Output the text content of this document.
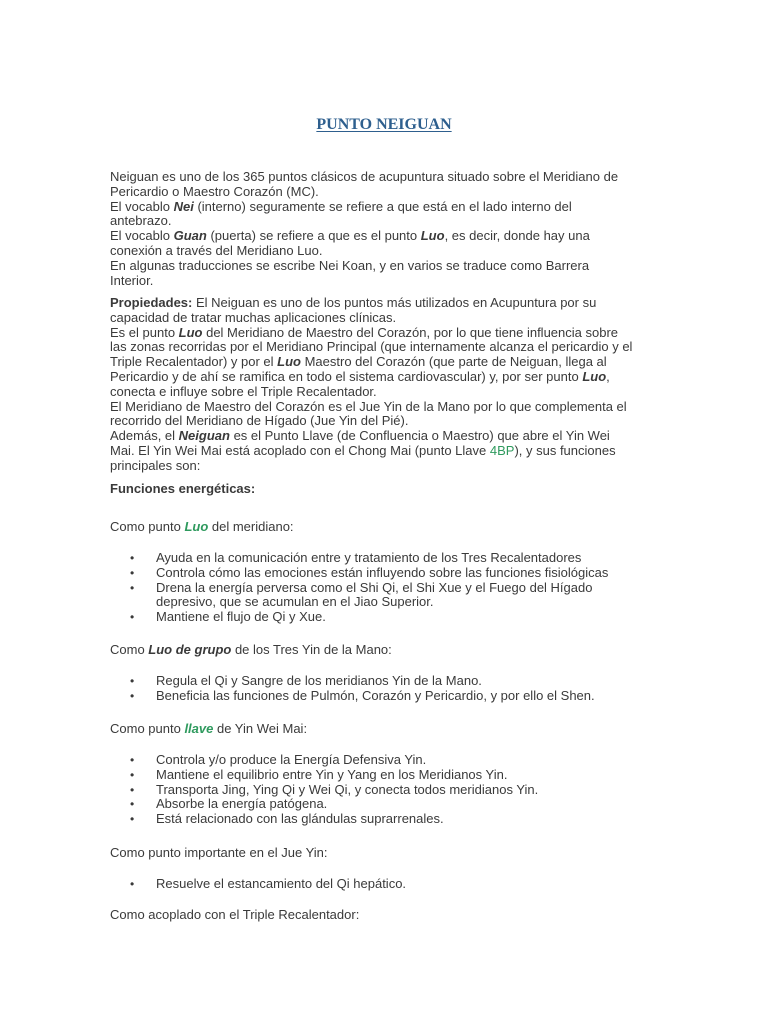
PUNTO NEIGUAN
Neiguan es uno de los 365 puntos clásicos de acupuntura situado sobre el Meridiano de
Pericardio o Maestro Corazón (MC).
El vocablo Nei (interno) seguramente se refiere a que está en el lado interno del
antebrazo.
El vocablo Guan (puerta) se refiere a que es el punto Luo, es decir, donde hay una
conexión a través del Meridiano Luo.
En algunas traducciones se escribe Nei Koan, y en varios se traduce como Barrera
Interior.
Propiedades: El Neiguan es uno de los puntos más utilizados en Acupuntura por su
capacidad de tratar muchas aplicaciones clínicas.
Es el punto Luo del Meridiano de Maestro del Corazón, por lo que tiene influencia sobre
las zonas recorridas por el Meridiano Principal (que internamente alcanza el pericardio y el
Triple Recalentador) y por el Luo Maestro del Corazón (que parte de Neiguan, llega al
Pericardio y de ahí se ramifica en todo el sistema cardiovascular) y, por ser punto Luo,
conecta e influye sobre el Triple Recalentador.
El Meridiano de Maestro del Corazón es el Jue Yin de la Mano por lo que complementa el
recorrido del Meridiano de Hígado (Jue Yin del Pié).
Además, el Neiguan es el Punto Llave (de Confluencia o Maestro) que abre el Yin Wei
Mai. El Yin Wei Mai está acoplado con el Chong Mai (punto Llave 4BP), y sus funciones
principales son:
Funciones energéticas:
Como punto Luo del meridiano:
• Ayuda en la comunicación entre y tratamiento de los Tres Recalentadores
• Controla cómo las emociones están influyendo sobre las funciones fisiológicas
• Drena la energía perversa como el Shi Qi, el Shi Xue y el Fuego del Hígado
depresivo, que se acumulan en el Jiao Superior.
• Mantiene el flujo de Qi y Xue.
Como Luo de grupo de los Tres Yin de la Mano:
• Regula el Qi y Sangre de los meridianos Yin de la Mano.
• Beneficia las funciones de Pulmón, Corazón y Pericardio, y por ello el Shen.
Como punto llave de Yin Wei Mai:
• Controla y/o produce la Energía Defensiva Yin.
• Mantiene el equilibrio entre Yin y Yang en los Meridianos Yin.
• Transporta Jing, Ying Qi y Wei Qi, y conecta todos meridianos Yin.
• Absorbe la energía patógena.
• Está relacionado con las glándulas suprarrenales.
Como punto importante en el Jue Yin:
• Resuelve el estancamiento del Qi hepático.
Como acoplado con el Triple Recalentador:
